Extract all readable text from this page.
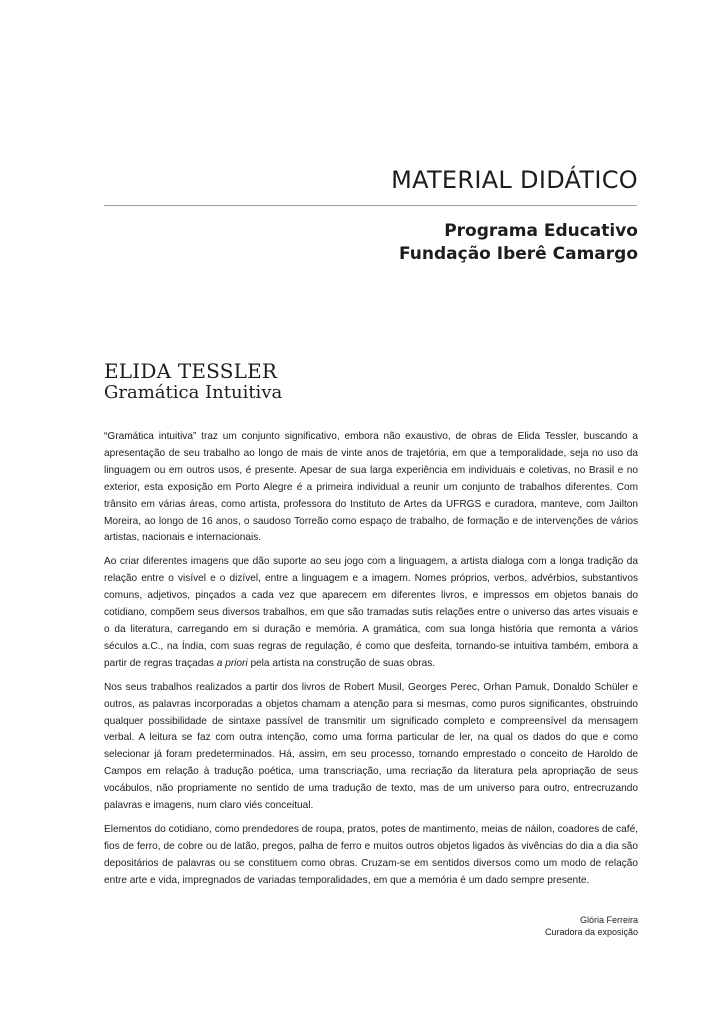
MATERIAL DIDÁTICO
Programa Educativo
Fundação Iberê Camargo
ELIDA TESSLER
Gramática Intuitiva

“Gramática intuitiva” traz um conjunto significativo, embora não exaustivo, de obras de Elida Tessler, buscando a apresentação de seu trabalho ao longo de mais de vinte anos de trajetória, em que a temporalidade, seja no uso da linguagem ou em outros usos, é presente. Apesar de sua larga experiência em individuais e coletivas, no Brasil e no exterior, esta exposição em Porto Alegre é a primeira individual a reunir um conjunto de trabalhos diferentes. Com trânsito em várias áreas, como artista, professora do Instituto de Artes da UFRGS e curadora, manteve, com Jailton Moreira, ao longo de 16 anos, o saudoso Torreão como espaço de trabalho, de formação e de intervenções de vários artistas, nacionais e internacionais.

Ao criar diferentes imagens que dão suporte ao seu jogo com a linguagem, a artista dialoga com a longa tradição da relação entre o visível e o dizível, entre a linguagem e a imagem. Nomes próprios, verbos, advérbios, substantivos comuns, adjetivos, pinçados a cada vez que aparecem em diferentes livros, e impressos em objetos banais do cotidiano, compõem seus diversos trabalhos, em que são tramadas sutis relações entre o universo das artes visuais e o da literatura, carregando em si duração e memória. A gramática, com sua longa história que remonta a vários séculos a.C., na Índia, com suas regras de regulação, é como que desfeita, tornando-se intuitiva também, embora a partir de regras traçadas a priori pela artista na construção de suas obras.

Nos seus trabalhos realizados a partir dos livros de Robert Musil, Georges Perec, Orhan Pamuk, Donaldo Schüler e outros, as palavras incorporadas a objetos chamam a atenção para si mesmas, como puros significantes, obstruindo qualquer possibilidade de sintaxe passível de transmitir um significado completo e compreensível da mensagem verbal. A leitura se faz com outra intenção, como uma forma particular de ler, na qual os dados do que e como selecionar já foram predeterminados. Há, assim, em seu processo, tornando emprestado o conceito de Haroldo de Campos em relação à tradução poética, uma transcriação, uma recriação da literatura pela apropriação de seus vocábulos, não propriamente no sentido de uma tradução de texto, mas de um universo para outro, entrecruzando palavras e imagens, num claro viés conceitual.

Elementos do cotidiano, como prendedores de roupa, pratos, potes de mantimento, meias de náilon, coadores de café, fios de ferro, de cobre ou de latão, pregos, palha de ferro e muitos outros objetos ligados às vivências do dia a dia são depositários de palavras ou se constituem como obras. Cruzam-se em sentidos diversos como um modo de relação entre arte e vida, impregnados de variadas temporalidades, em que a memória é um dado sempre presente.

Glória Ferreira
Curadora da exposição
